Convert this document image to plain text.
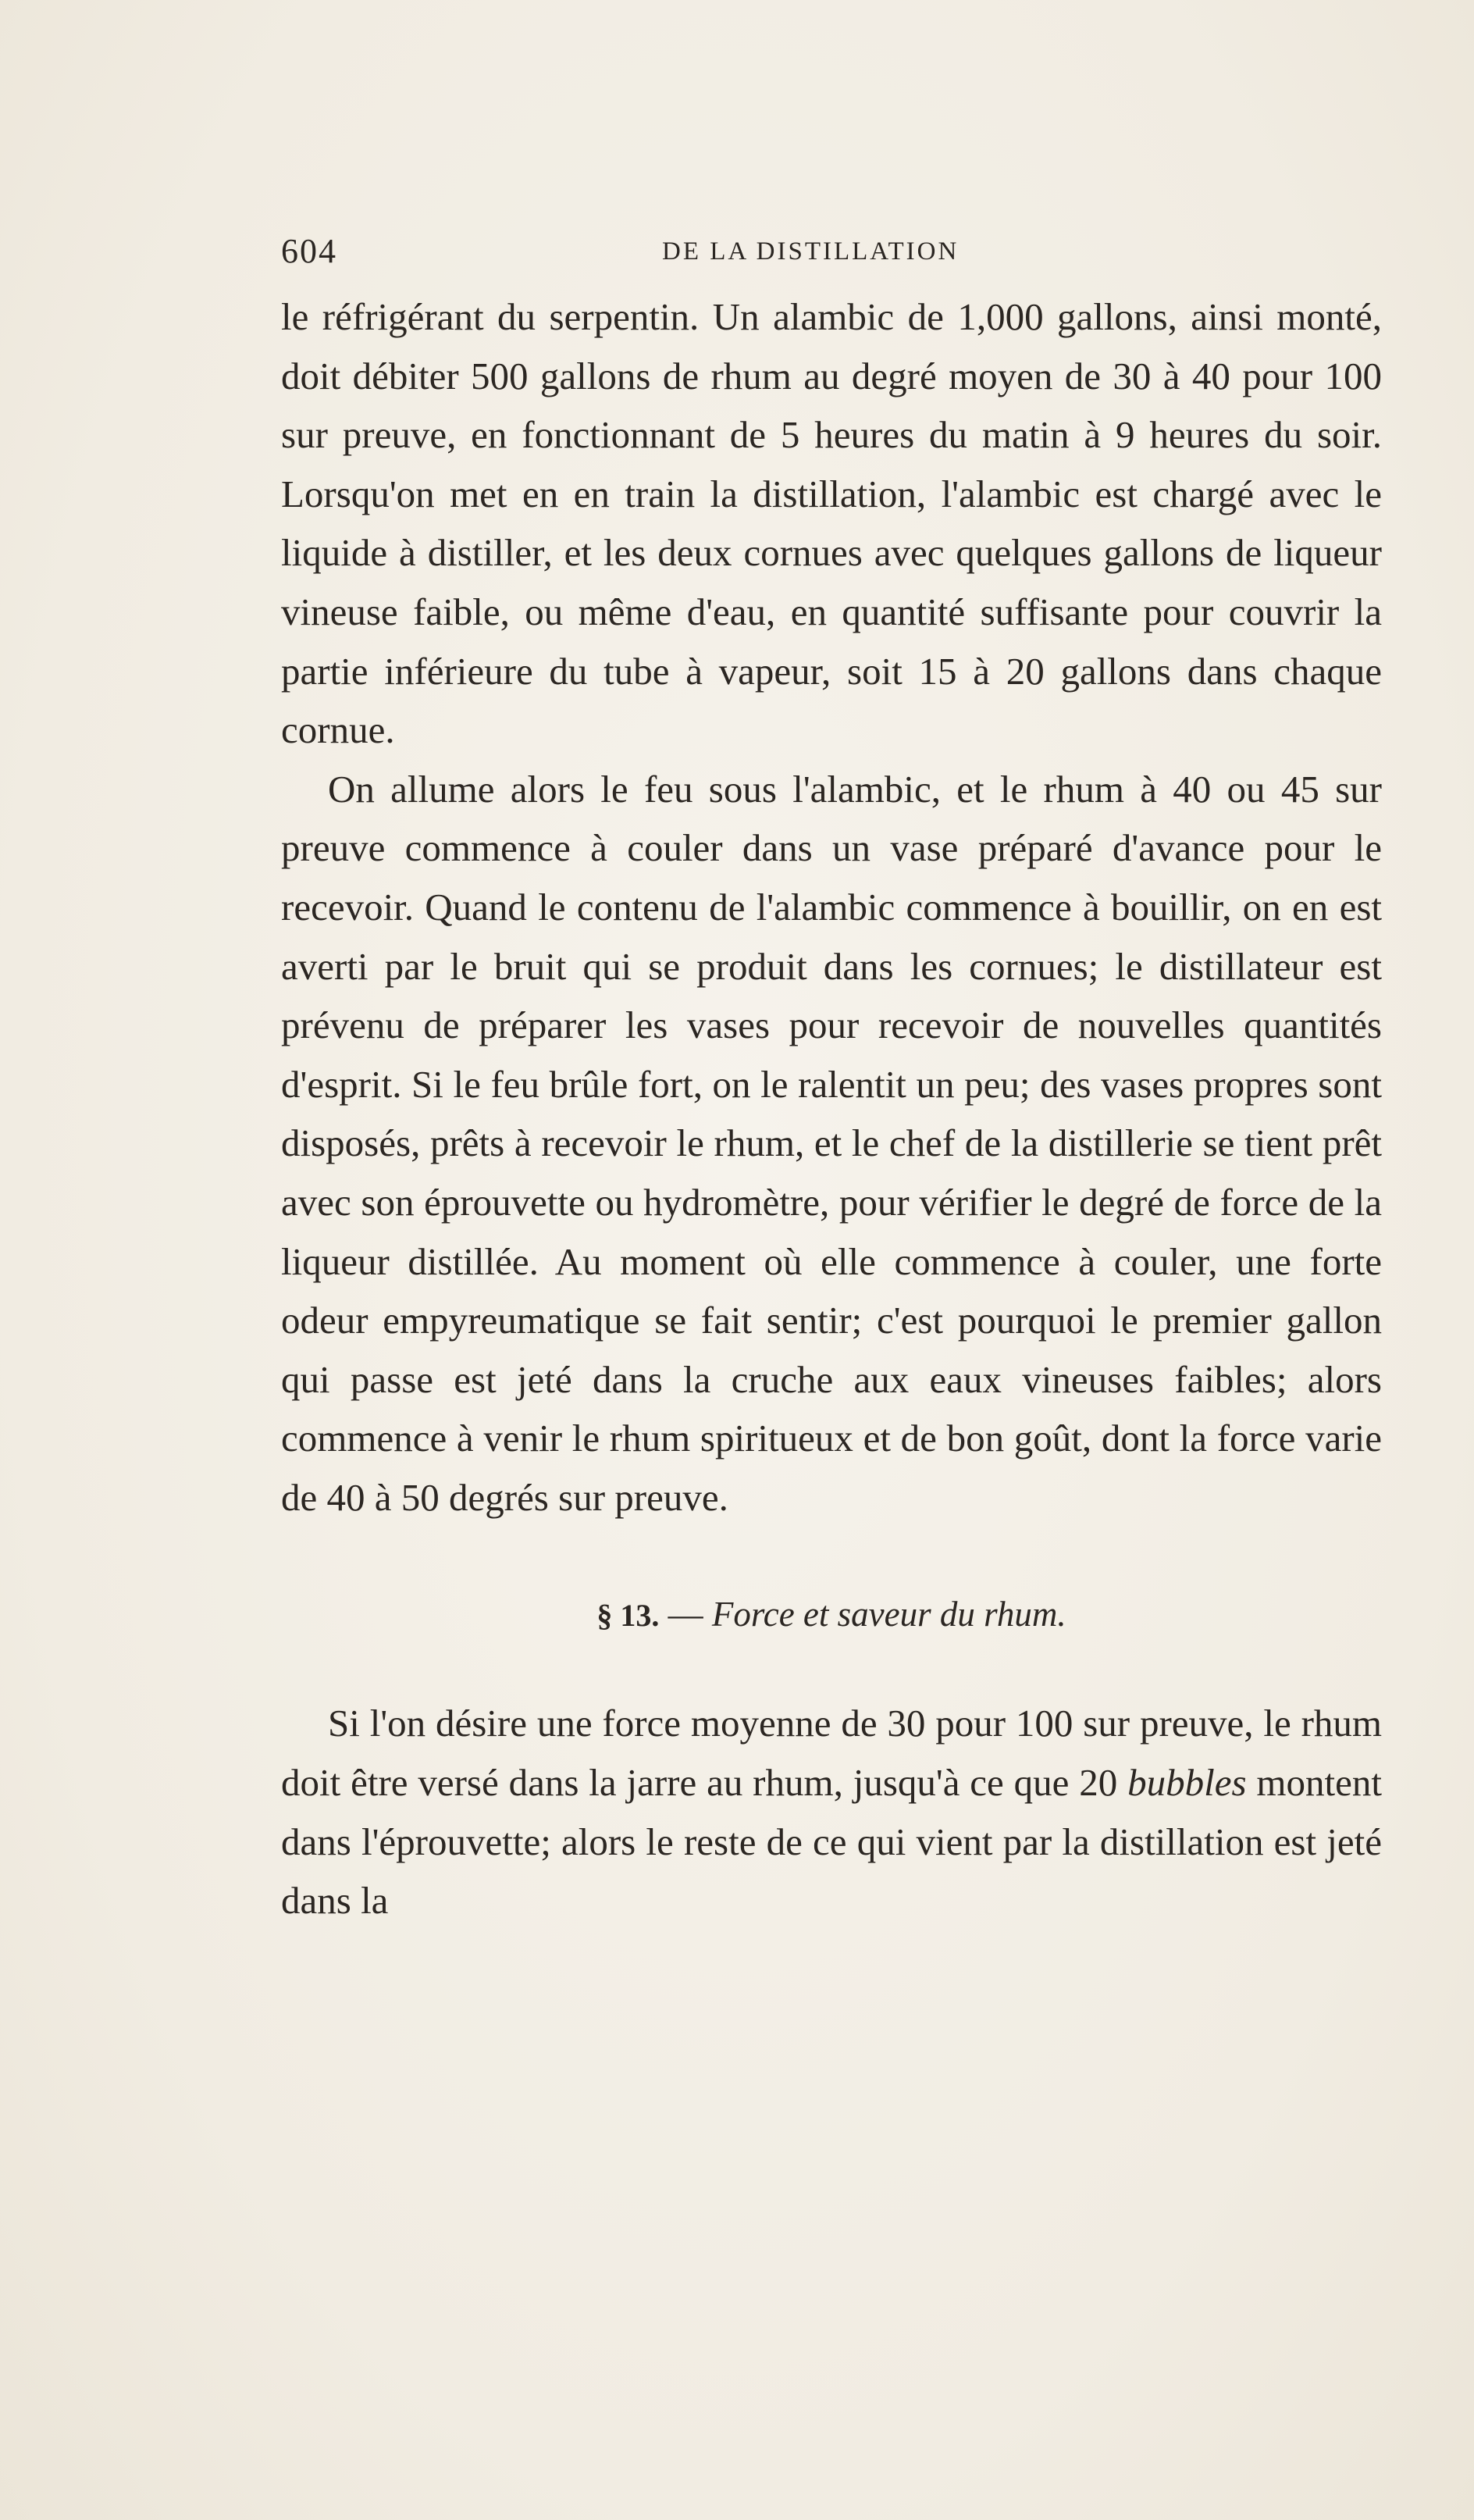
604	DE LA DISTILLATION

le réfrigérant du serpentin. Un alambic de 1,000 gallons, ainsi monté, doit débiter 500 gallons de rhum au degré moyen de 30 à 40 pour 100 sur preuve, en fonctionnant de 5 heures du matin à 9 heures du soir. Lorsqu'on met en en train la distillation, l'alambic est chargé avec le liquide à distiller, et les deux cornues avec quelques gallons de liqueur vineuse faible, ou même d'eau, en quantité suffisante pour couvrir la partie inférieure du tube à vapeur, soit 15 à 20 gallons dans chaque cornue.

On allume alors le feu sous l'alambic, et le rhum à 40 ou 45 sur preuve commence à couler dans un vase préparé d'avance pour le recevoir. Quand le contenu de l'alambic commence à bouillir, on en est averti par le bruit qui se produit dans les cornues; le distillateur est prévenu de préparer les vases pour recevoir de nouvelles quantités d'esprit. Si le feu brûle fort, on le ralentit un peu; des vases propres sont disposés, prêts à recevoir le rhum, et le chef de la distillerie se tient prêt avec son éprouvette ou hydromètre, pour vérifier le degré de force de la liqueur distillée. Au moment où elle commence à couler, une forte odeur empyreumatique se fait sentir; c'est pourquoi le premier gallon qui passe est jeté dans la cruche aux eaux vineuses faibles; alors commence à venir le rhum spiritueux et de bon goût, dont la force varie de 40 à 50 degrés sur preuve.

§ 13. — Force et saveur du rhum.

Si l'on désire une force moyenne de 30 pour 100 sur preuve, le rhum doit être versé dans la jarre au rhum, jusqu'à ce que 20 bubbles montent dans l'éprouvette; alors le reste de ce qui vient par la distillation est jeté dans la
